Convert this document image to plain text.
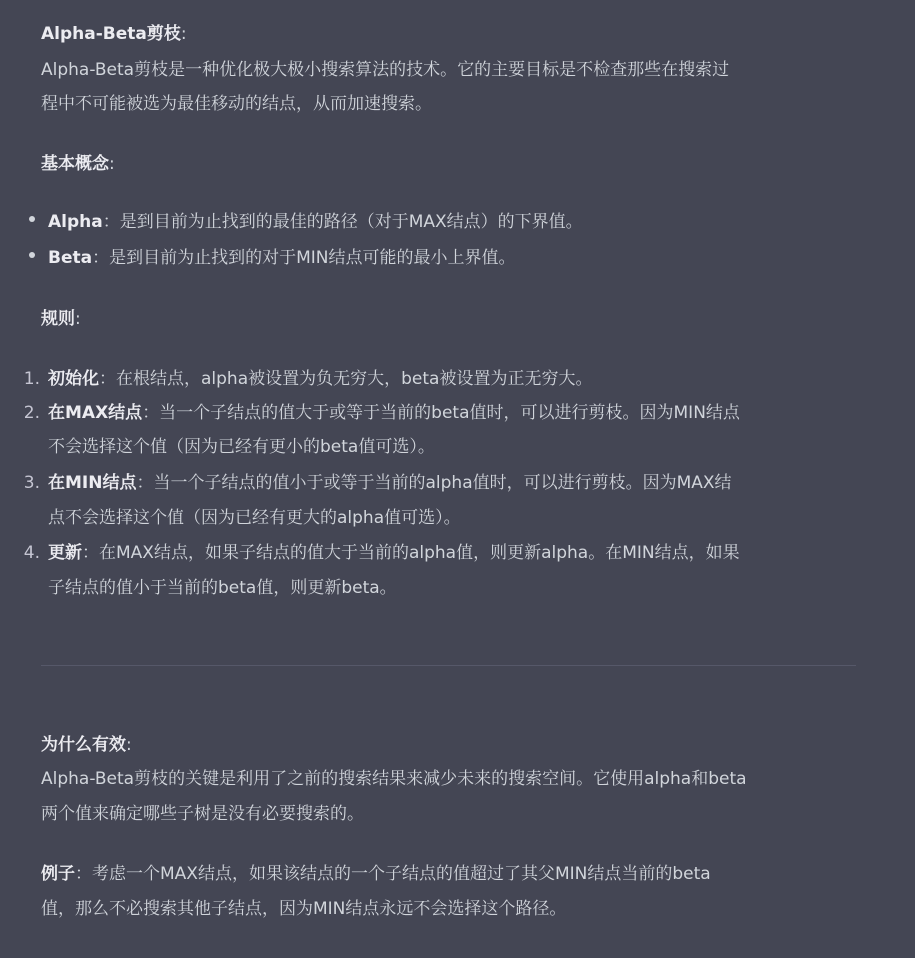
Alpha-Beta剪枝:
Alpha-Beta剪枝是一种优化极大极小搜索算法的技术。它的主要目标是不检查那些在搜索过
程中不可能被选为最佳移动的结点，从而加速搜索。
基本概念:
Alpha：是到目前为止找到的最佳的路径（对于MAX结点）的下界值。
Beta：是到目前为止找到的对于MIN结点可能的最小上界值。
规则:
1. 初始化：在根结点，alpha被设置为负无穷大，beta被设置为正无穷大。
2. 在MAX结点：当一个子结点的值大于或等于当前的beta值时，可以进行剪枝。因为MIN结点
不会选择这个值（因为已经有更小的beta值可选）。
3. 在MIN结点：当一个子结点的值小于或等于当前的alpha值时，可以进行剪枝。因为MAX结
点不会选择这个值（因为已经有更大的alpha值可选）。
4. 更新：在MAX结点，如果子结点的值大于当前的alpha值，则更新alpha。在MIN结点，如果
子结点的值小于当前的beta值，则更新beta。
为什么有效:
Alpha-Beta剪枝的关键是利用了之前的搜索结果来减少未来的搜索空间。它使用alpha和beta
两个值来确定哪些子树是没有必要搜索的。
例子：考虑一个MAX结点，如果该结点的一个子结点的值超过了其父MIN结点当前的beta
值，那么不必搜索其他子结点，因为MIN结点永远不会选择这个路径。
